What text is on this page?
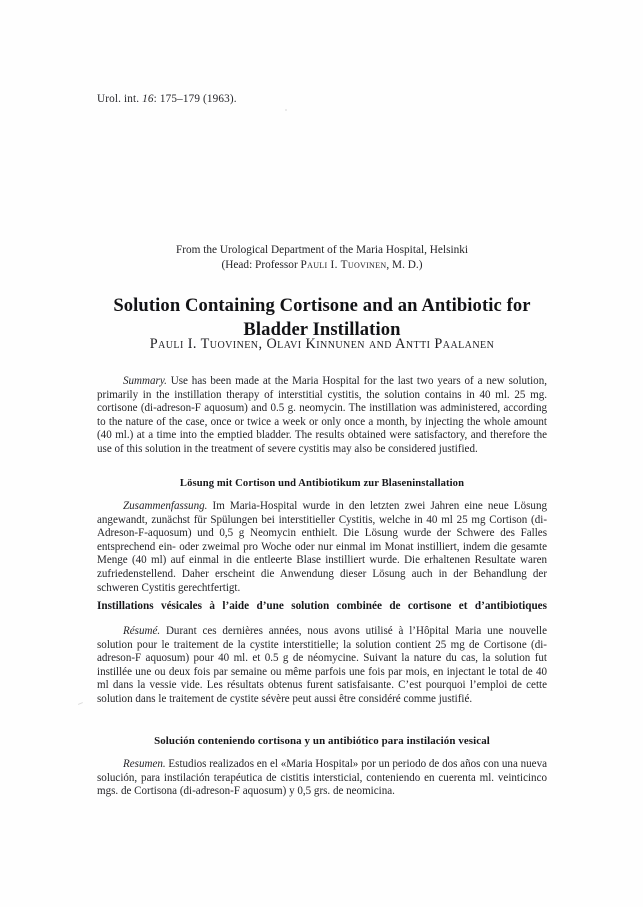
Urol. int. 16: 175–179 (1963).
From the Urological Department of the Maria Hospital, Helsinki
(Head: Professor Pauli I. Tuovinen, M. D.)
Solution Containing Cortisone and an Antibiotic for
Bladder Instillation
Pauli I. Tuovinen, Olavi Kinnunen and Antti Paalanen

Summary. Use has been made at the Maria Hospital for the last two years of a new solution, primarily in the instillation therapy of interstitial cystitis, the solution contains in 40 ml. 25 mg. cortisone (di-adreson-F aquosum) and 0.5 g. neomycin. The instillation was administered, according to the nature of the case, once or twice a week or only once a month, by injecting the whole amount (40 ml.) at a time into the emptied bladder. The results obtained were satisfactory, and therefore the use of this solution in the treatment of severe cystitis may also be considered justified.

Lösung mit Cortison und Antibiotikum zur Blaseninstallation

Zusammenfassung. Im Maria-Hospital wurde in den letzten zwei Jahren eine neue Lösung angewandt, zunächst für Spülungen bei interstitieller Cystitis, welche in 40 ml 25 mg Cortison (di-Adreson-F-aquosum) und 0,5 g Neomycin enthielt. Die Lösung wurde der Schwere des Falles entsprechend ein- oder zweimal pro Woche oder nur einmal im Monat instilliert, indem die gesamte Menge (40 ml) auf einmal in die entleerte Blase instilliert wurde. Die erhaltenen Resultate waren zufriedenstellend. Daher erscheint die Anwendung dieser Lösung auch in der Behandlung der schweren Cystitis gerechtfertigt.

Instillations vésicales à l’aide d’une solution combinée de cortisone et d’antibiotiques

Résumé. Durant ces dernières années, nous avons utilisé à l’Hôpital Maria une nouvelle solution pour le traitement de la cystite interstitielle; la solution contient 25 mg de Cortisone (di-adreson-F aquosum) pour 40 ml. et 0.5 g de néomycine. Suivant la nature du cas, la solution fut instillée une ou deux fois par semaine ou même parfois une fois par mois, en injectant le total de 40 ml dans la vessie vide. Les résultats obtenus furent satisfaisante. C’est pourquoi l’emploi de cette solution dans le traitement de cystite sévère peut aussi être considéré comme justifié.

Solución conteniendo cortisona y un antibiótico para instilación vesical

Resumen. Estudios realizados en el «Maria Hospital» por un periodo de dos años con una nueva solución, para instilación terapéutica de cistitis intersticial, conteniendo en cuerenta ml. veinticinco mgs. de Cortisona (di-adreson-F aquosum) y 0,5 grs. de neomicina.
